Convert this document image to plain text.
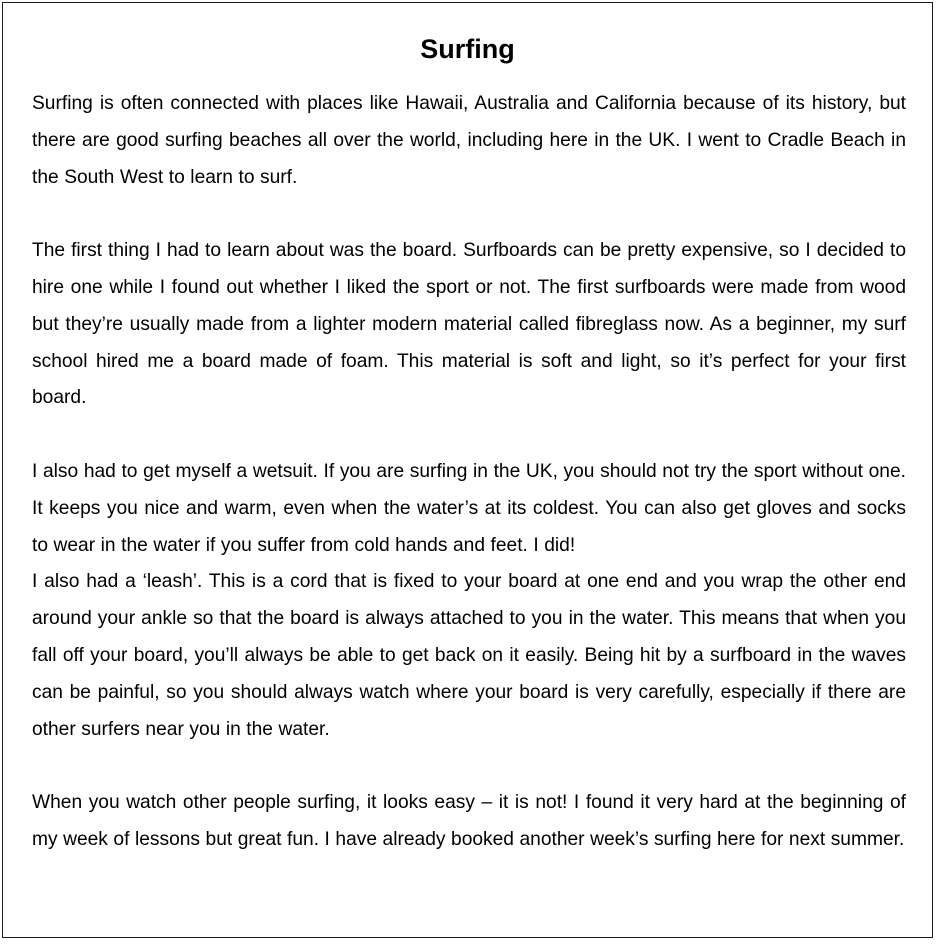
Surfing

Surfing is often connected with places like Hawaii, Australia and California because of its history, but there are good surfing beaches all over the world, including here in the UK. I went to Cradle Beach in the South West to learn to surf.

The first thing I had to learn about was the board. Surfboards can be pretty expensive, so I decided to hire one while I found out whether I liked the sport or not. The first surfboards were made from wood but they’re usually made from a lighter modern material called fibreglass now. As a beginner, my surf school hired me a board made of foam. This material is soft and light, so it’s perfect for your first board.

I also had to get myself a wetsuit. If you are surfing in the UK, you should not try the sport without one. It keeps you nice and warm, even when the water’s at its coldest. You can also get gloves and socks to wear in the water if you suffer from cold hands and feet. I did!

I also had a ‘leash’. This is a cord that is fixed to your board at one end and you wrap the other end around your ankle so that the board is always attached to you in the water. This means that when you fall off your board, you’ll always be able to get back on it easily. Being hit by a surfboard in the waves can be painful, so you should always watch where your board is very carefully, especially if there are other surfers near you in the water.

When you watch other people surfing, it looks easy – it is not! I found it very hard at the beginning of my week of lessons but great fun. I have already booked another week’s surfing here for next summer.
